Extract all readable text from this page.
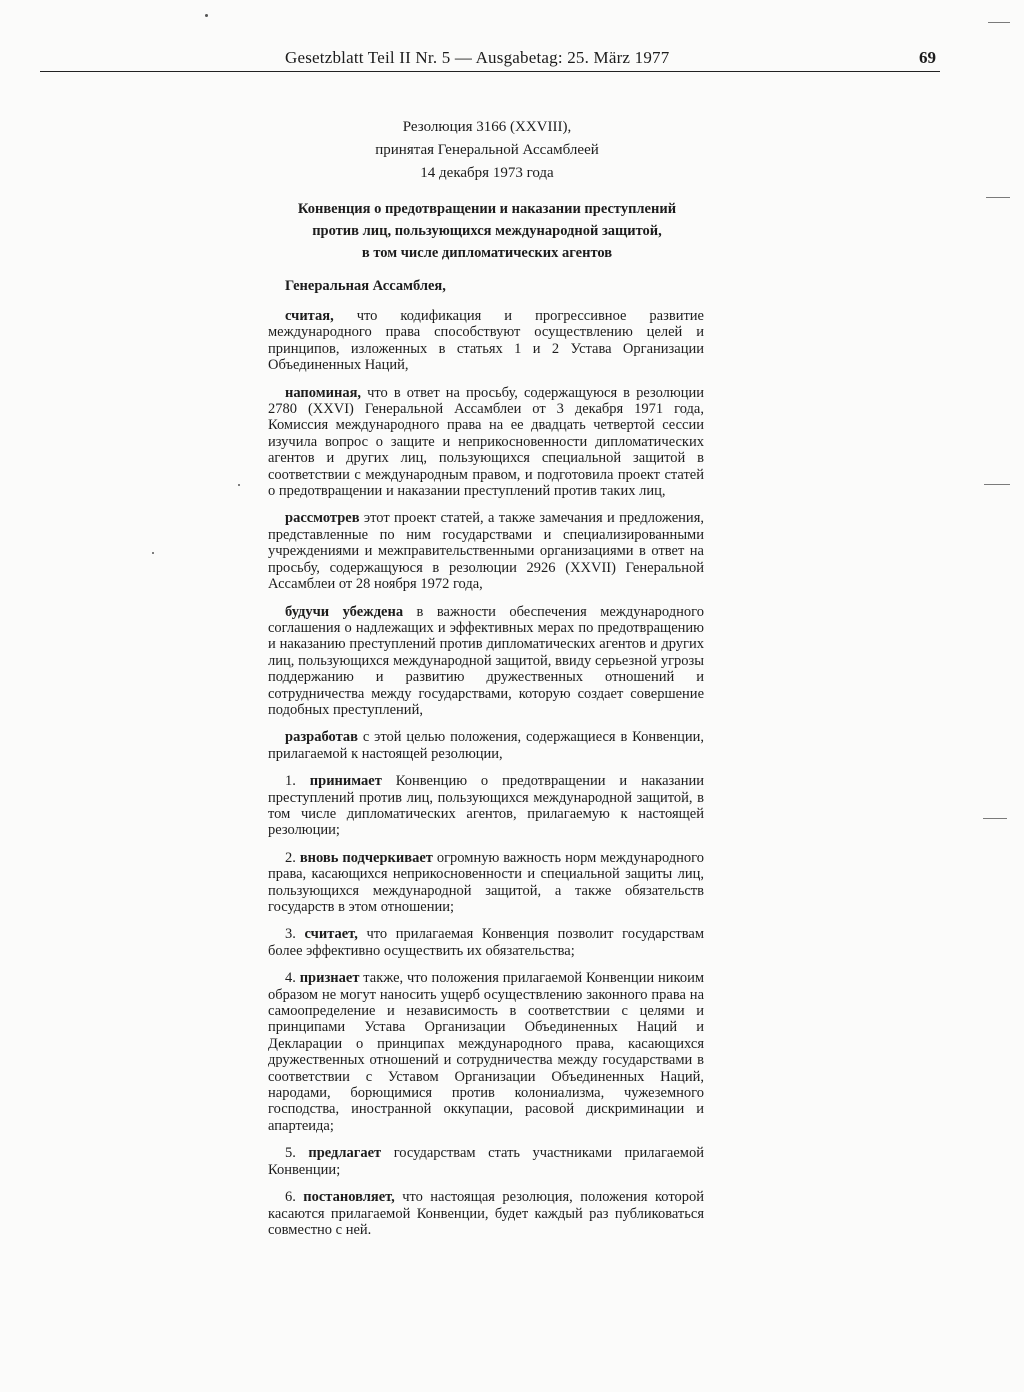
Gesetzblatt Teil II Nr. 5 — Ausgabetag: 25. März 1977	69
Резолюция 3166 (XXVIII),
принятая Генеральной Ассамблеей
14 декабря 1973 года
Конвенция о предотвращении и наказании преступлений
против лиц, пользующихся международной защитой,
в том числе дипломатических агентов
Генеральная Ассамблея,

считая, что кодификация и прогрессивное развитие международного права способствуют осуществлению целей и принципов, изложенных в статьях 1 и 2 Устава Организации Объединенных Наций,

напоминая, что в ответ на просьбу, содержащуюся в резолюции 2780 (XXVI) Генеральной Ассамблеи от 3 декабря 1971 года, Комиссия международного права на ее двадцать четвертой сессии изучила вопрос о защите и неприкосновенности дипломатических агентов и других лиц, пользующихся специальной защитой в соответствии с международным правом, и подготовила проект статей о предотвращении и наказании преступлений против таких лиц,

рассмотрев этот проект статей, а также замечания и предложения, представленные по ним государствами и специализированными учреждениями и межправительственными организациями в ответ на просьбу, содержащуюся в резолюции 2926 (XXVII) Генеральной Ассамблеи от 28 ноября 1972 года,

будучи убеждена в важности обеспечения международного соглашения о надлежащих и эффективных мерах по предотвращению и наказанию преступлений против дипломатических агентов и других лиц, пользующихся международной защитой, ввиду серьезной угрозы поддержанию и развитию дружественных отношений и сотрудничества между государствами, которую создает совершение подобных преступлений,

разработав с этой целью положения, содержащиеся в Конвенции, прилагаемой к настоящей резолюции,

1. принимает Конвенцию о предотвращении и наказании преступлений против лиц, пользующихся международной защитой, в том числе дипломатических агентов, прилагаемую к настоящей резолюции;

2. вновь подчеркивает огромную важность норм международного права, касающихся неприкосновенности и специальной защиты лиц, пользующихся международной защитой, а также обязательств государств в этом отношении;

3. считает, что прилагаемая Конвенция позволит государствам более эффективно осуществить их обязательства;

4. признает также, что положения прилагаемой Конвенции никоим образом не могут наносить ущерб осуществлению законного права на самоопределение и независимость в соответствии с целями и принципами Устава Организации Объединенных Наций и Декларации о принципах международного права, касающихся дружественных отношений и сотрудничества между государствами в соответствии с Уставом Организации Объединенных Наций, народами, борющимися против колониализма, чужеземного господства, иностранной оккупации, расовой дискриминации и апартеида;

5. предлагает государствам стать участниками прилагаемой Конвенции;

6. постановляет, что настоящая резолюция, положения которой касаются прилагаемой Конвенции, будет каждый раз публиковаться совместно с ней.
